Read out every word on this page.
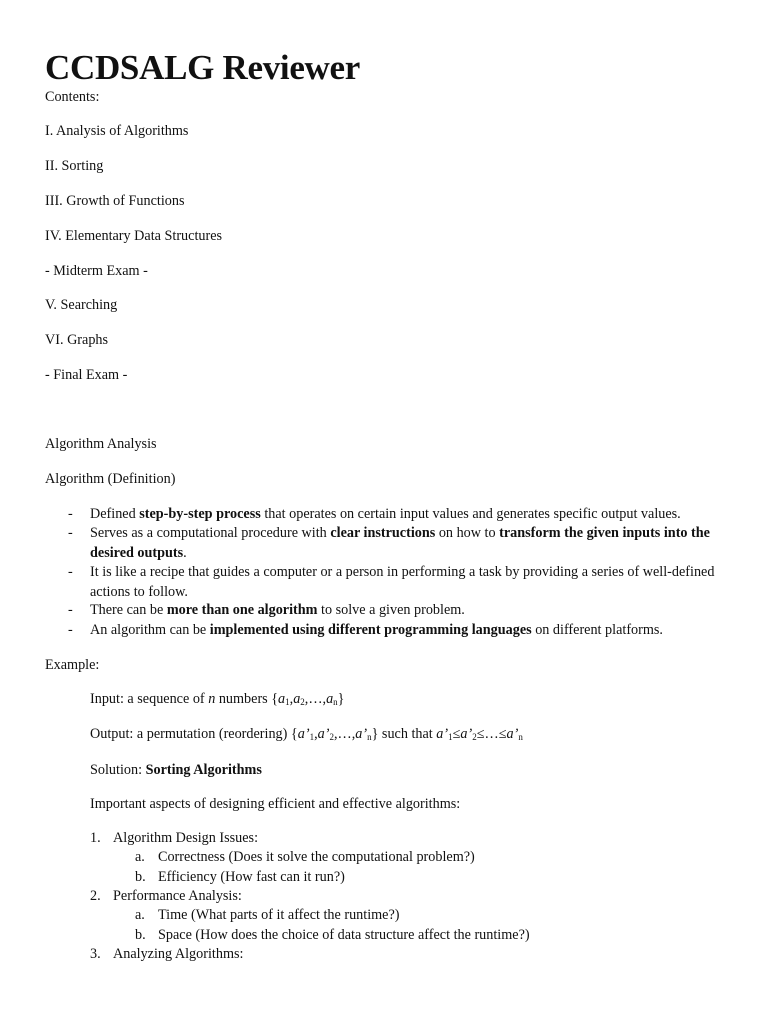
CCDSALG Reviewer
Contents:
I. Analysis of Algorithms
II. Sorting
III. Growth of Functions
IV. Elementary Data Structures
- Midterm Exam -
V. Searching
VI. Graphs
- Final Exam -
Algorithm Analysis
Algorithm (Definition)
- Defined step-by-step process that operates on certain input values and generates specific output values.
- Serves as a computational procedure with clear instructions on how to transform the given inputs into the desired outputs.
- It is like a recipe that guides a computer or a person in performing a task by providing a series of well-defined actions to follow.
- There can be more than one algorithm to solve a given problem.
- An algorithm can be implemented using different programming languages on different platforms.
Example:
Input: a sequence of n numbers $\{a_1,a_2,\dots,a_n\}$
Output: a permutation (reordering) $\{a’_1,a’_2,\dots,a’_n\}$ such that $a’_1\le a’_2\le\dots\le a’_n$
Solution: Sorting Algorithms
Important aspects of designing efficient and effective algorithms:
1. Algorithm Design Issues:
a. Correctness (Does it solve the computational problem?)
b. Efficiency (How fast can it run?)
2. Performance Analysis:
a. Time (What parts of it affect the runtime?)
b. Space (How does the choice of data structure affect the runtime?)
3. Analyzing Algorithms:
